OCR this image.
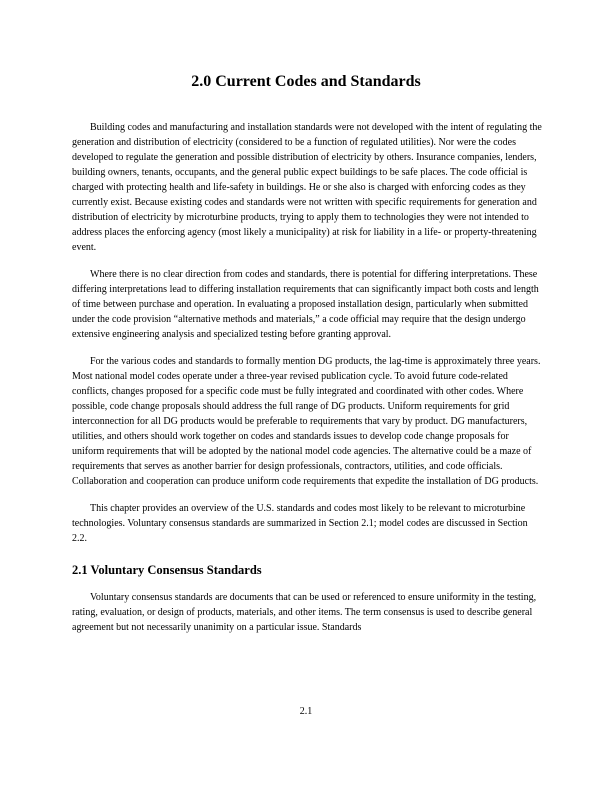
2.0 Current Codes and Standards

Building codes and manufacturing and installation standards were not developed with the intent of regulating the generation and distribution of electricity (considered to be a function of regulated utilities). Nor were the codes developed to regulate the generation and possible distribution of electricity by others. Insurance companies, lenders, building owners, tenants, occupants, and the general public expect buildings to be safe places. The code official is charged with protecting health and life-safety in buildings. He or she also is charged with enforcing codes as they currently exist. Because existing codes and standards were not written with specific requirements for generation and distribution of electricity by microturbine products, trying to apply them to technologies they were not intended to address places the enforcing agency (most likely a municipality) at risk for liability in a life- or property-threatening event.

Where there is no clear direction from codes and standards, there is potential for differing interpretations. These differing interpretations lead to differing installation requirements that can significantly impact both costs and length of time between purchase and operation. In evaluating a proposed installation design, particularly when submitted under the code provision “alternative methods and materials,” a code official may require that the design undergo extensive engineering analysis and specialized testing before granting approval.

For the various codes and standards to formally mention DG products, the lag-time is approximately three years. Most national model codes operate under a three-year revised publication cycle. To avoid future code-related conflicts, changes proposed for a specific code must be fully integrated and coordinated with other codes. Where possible, code change proposals should address the full range of DG products. Uniform requirements for grid interconnection for all DG products would be preferable to requirements that vary by product. DG manufacturers, utilities, and others should work together on codes and standards issues to develop code change proposals for uniform requirements that will be adopted by the national model code agencies. The alternative could be a maze of requirements that serves as another barrier for design professionals, contractors, utilities, and code officials. Collaboration and cooperation can produce uniform code requirements that expedite the installation of DG products.

This chapter provides an overview of the U.S. standards and codes most likely to be relevant to microturbine technologies. Voluntary consensus standards are summarized in Section 2.1; model codes are discussed in Section 2.2.

2.1 Voluntary Consensus Standards

Voluntary consensus standards are documents that can be used or referenced to ensure uniformity in the testing, rating, evaluation, or design of products, materials, and other items. The term consensus is used to describe general agreement but not necessarily unanimity on a particular issue. Standards

2.1
